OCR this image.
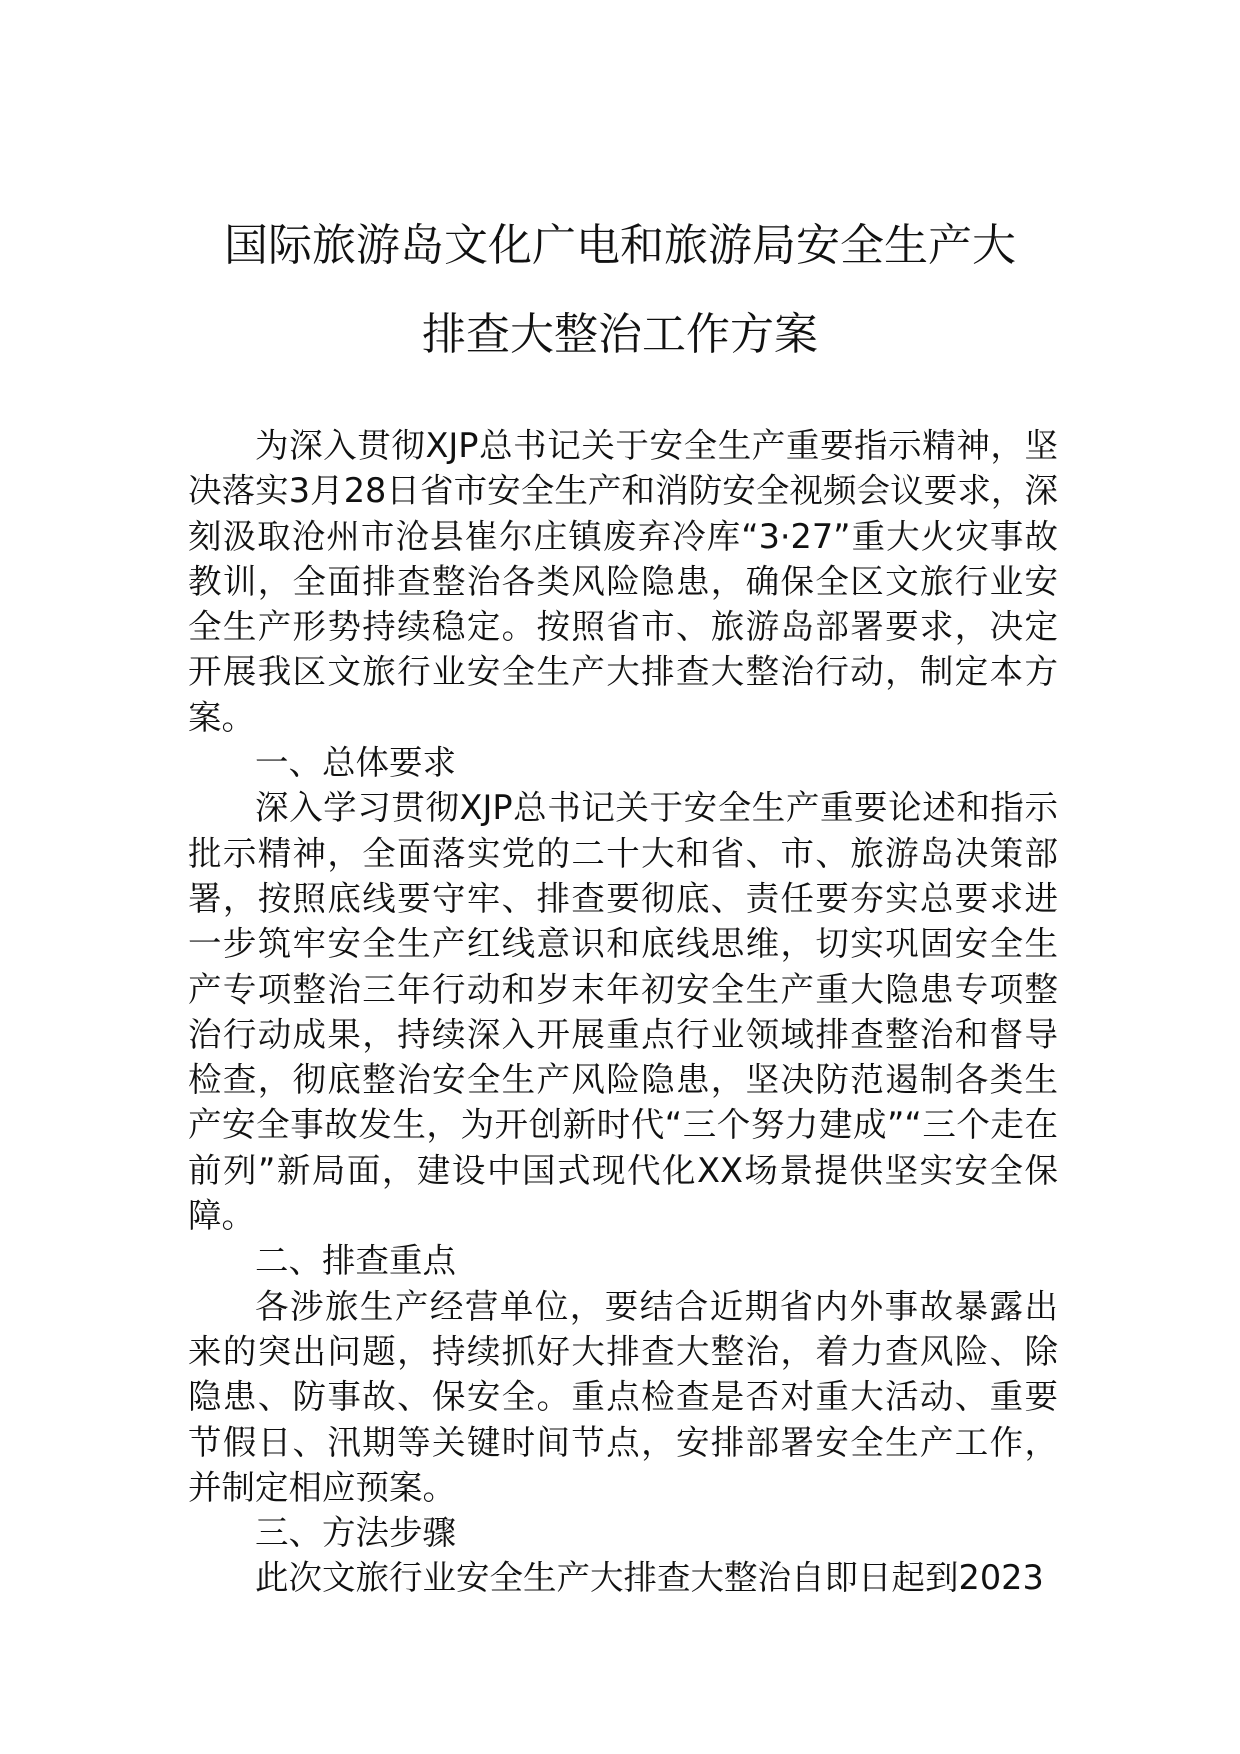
国际旅游岛文化广电和旅游局安全生产大
排查大整治工作方案

为深入贯彻XJP总书记关于安全生产重要指示精神，坚决落实3月28日省市安全生产和消防安全视频会议要求，深刻汲取沧州市沧县崔尔庄镇废弃冷库“3·27”重大火灾事故教训，全面排查整治各类风险隐患，确保全区文旅行业安全生产形势持续稳定。按照省市、旅游岛部署要求，决定开展我区文旅行业安全生产大排查大整治行动，制定本方案。

一、总体要求

深入学习贯彻XJP总书记关于安全生产重要论述和指示批示精神，全面落实党的二十大和省、市、旅游岛决策部署，按照底线要守牢、排查要彻底、责任要夯实总要求进一步筑牢安全生产红线意识和底线思维，切实巩固安全生产专项整治三年行动和岁末年初安全生产重大隐患专项整治行动成果，持续深入开展重点行业领域排查整治和督导检查，彻底整治安全生产风险隐患，坚决防范遏制各类生产安全事故发生，为开创新时代“三个努力建成”“三个走在前列”新局面，建设中国式现代化XX场景提供坚实安全保障。

二、排查重点

各涉旅生产经营单位，要结合近期省内外事故暴露出来的突出问题，持续抓好大排查大整治，着力查风险、除隐患、防事故、保安全。重点检查是否对重大活动、重要节假日、汛期等关键时间节点，安排部署安全生产工作，并制定相应预案。

三、方法步骤

此次文旅行业安全生产大排查大整治自即日起到2023
